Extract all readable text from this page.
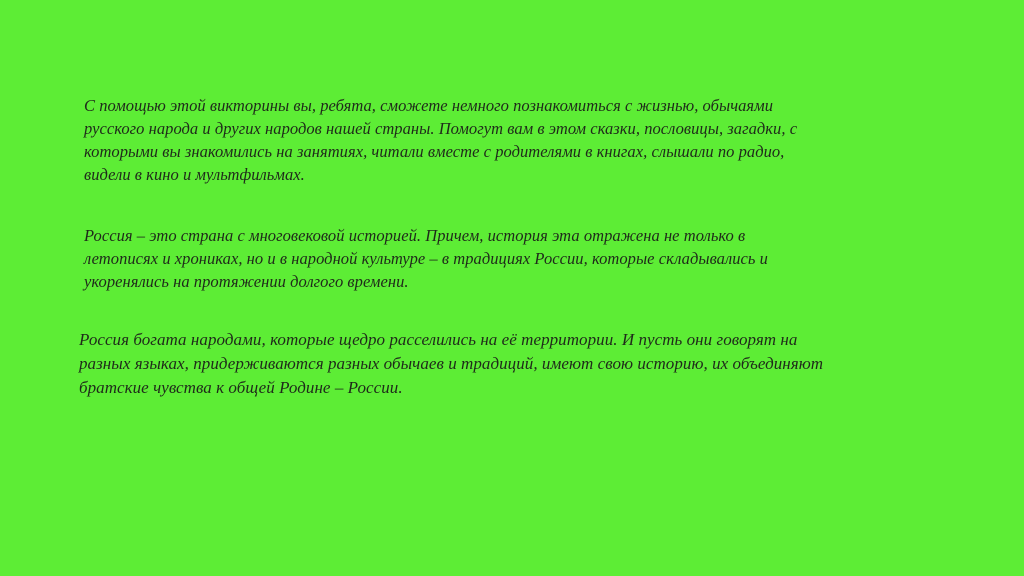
С помощью этой викторины вы, ребята, сможете немного познакомиться с жизнью, обычаями
русского народа и других народов нашей страны. Помогут вам в этом сказки, пословицы, загадки, с
которыми вы знакомились на занятиях, читали вместе с родителями в книгах, слышали по радио,
видели в кино и мультфильмах.

Россия – это страна с многовековой историей. Причем, история эта отражена не только в
летописях и хрониках, но и в народной культуре – в традициях России, которые складывались и
укоренялись на протяжении долгого времени.

Россия богата народами, которые щедро расселились на её территории. И пусть они говорят на
разных языках, придерживаются разных обычаев и традиций, имеют свою историю, их объединяют
братские чувства к общей Родине – России.
